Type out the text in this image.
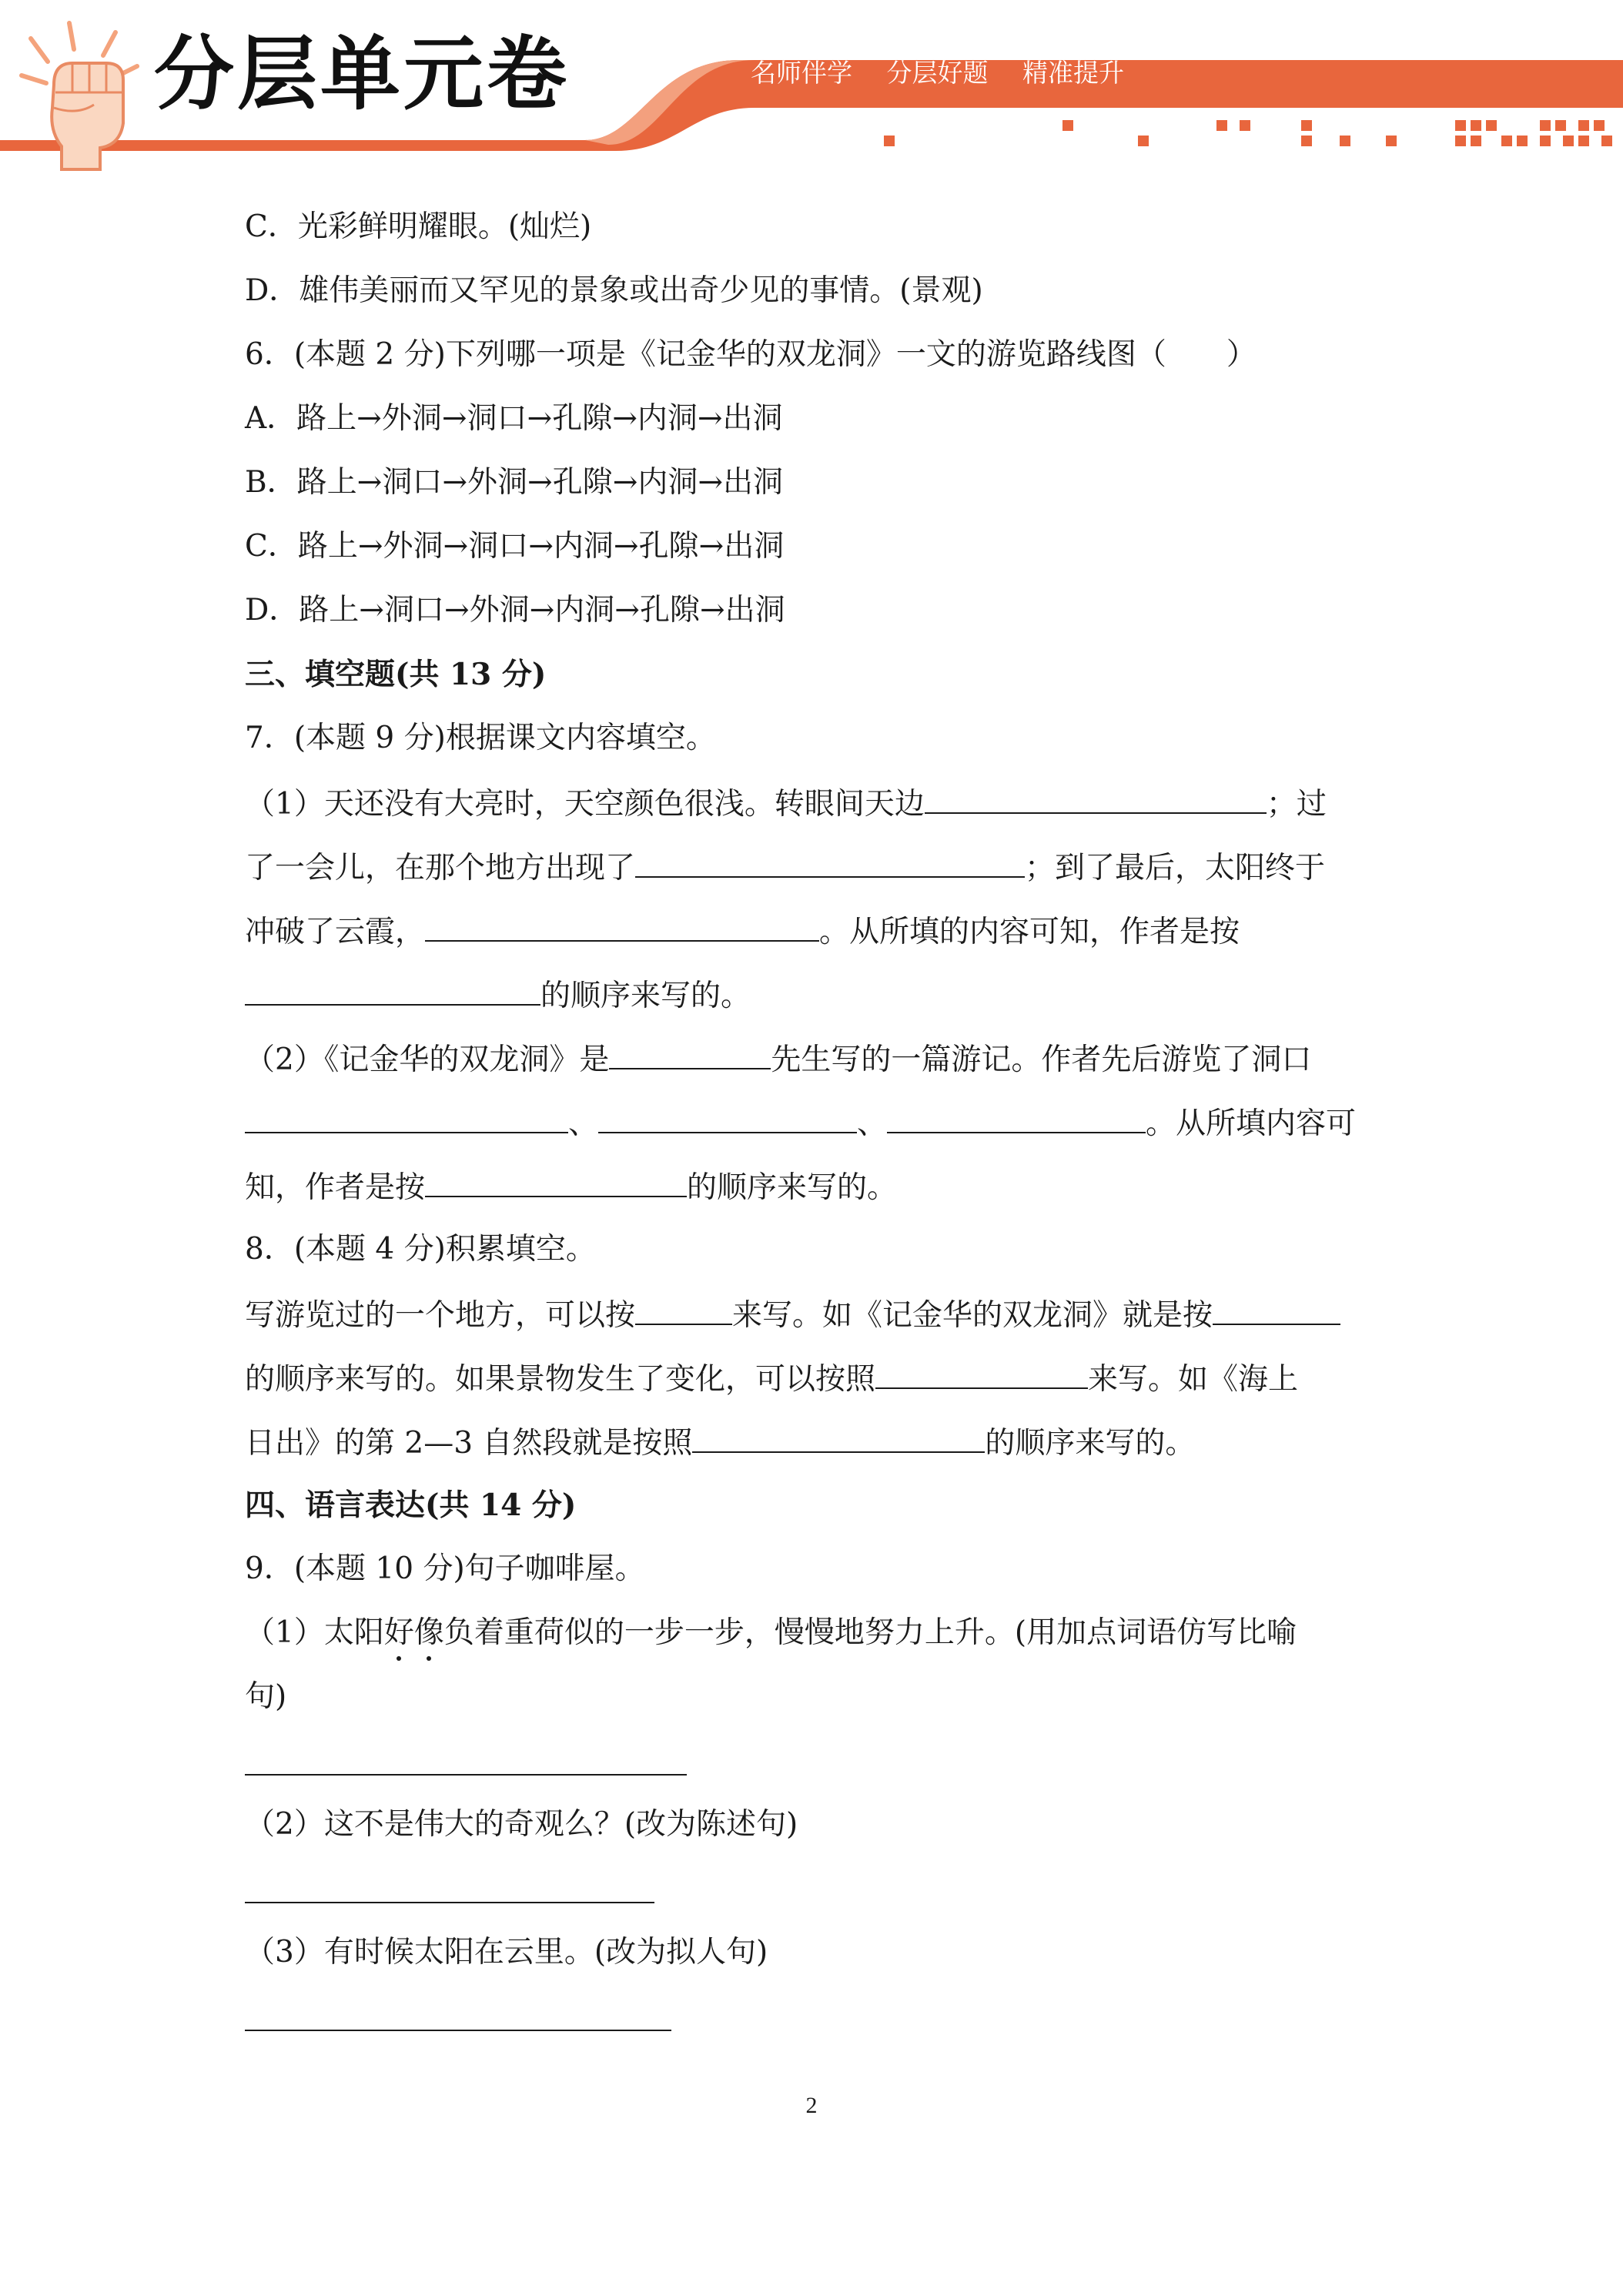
分层单元卷	名师伴学 分层好题 精准提升
C．光彩鲜明耀眼。(灿烂)
D．雄伟美丽而又罕见的景象或出奇少见的事情。(景观)
6．(本题 2 分)下列哪一项是《记金华的双龙洞》一文的游览路线图（　　）
A．路上→外洞→洞口→孔隙→内洞→出洞
B．路上→洞口→外洞→孔隙→内洞→出洞
C．路上→外洞→洞口→内洞→孔隙→出洞
D．路上→洞口→外洞→内洞→孔隙→出洞
三、填空题(共 13 分)
7．(本题 9 分)根据课文内容填空。
（1）天还没有大亮时，天空颜色很浅。转眼间天边	；过
了一会儿，在那个地方出现了	；到了最后，太阳终于
冲破了云霞，	。从所填的内容可知，作者是按
的顺序来写的。
（2）《记金华的双龙洞》是	先生写的一篇游记。作者先后游览了洞口
、	、	。从所填内容可
知，作者是按	的顺序来写的。
8．(本题 4 分)积累填空。
写游览过的一个地方，可以按	来写。如《记金华的双龙洞》就是按
的顺序来写的。如果景物发生了变化，可以按照	来写。如《海上
日出》的第 2—3 自然段就是按照	的顺序来写的。
四、语言表达(共 14 分)
9．(本题 10 分)句子咖啡屋。
（1）太阳好像负着重荷似的一步一步，慢慢地努力上升。(用加点词语仿写比喻
句)
（2）这不是伟大的奇观么？(改为陈述句)
（3）有时候太阳在云里。(改为拟人句)
2
